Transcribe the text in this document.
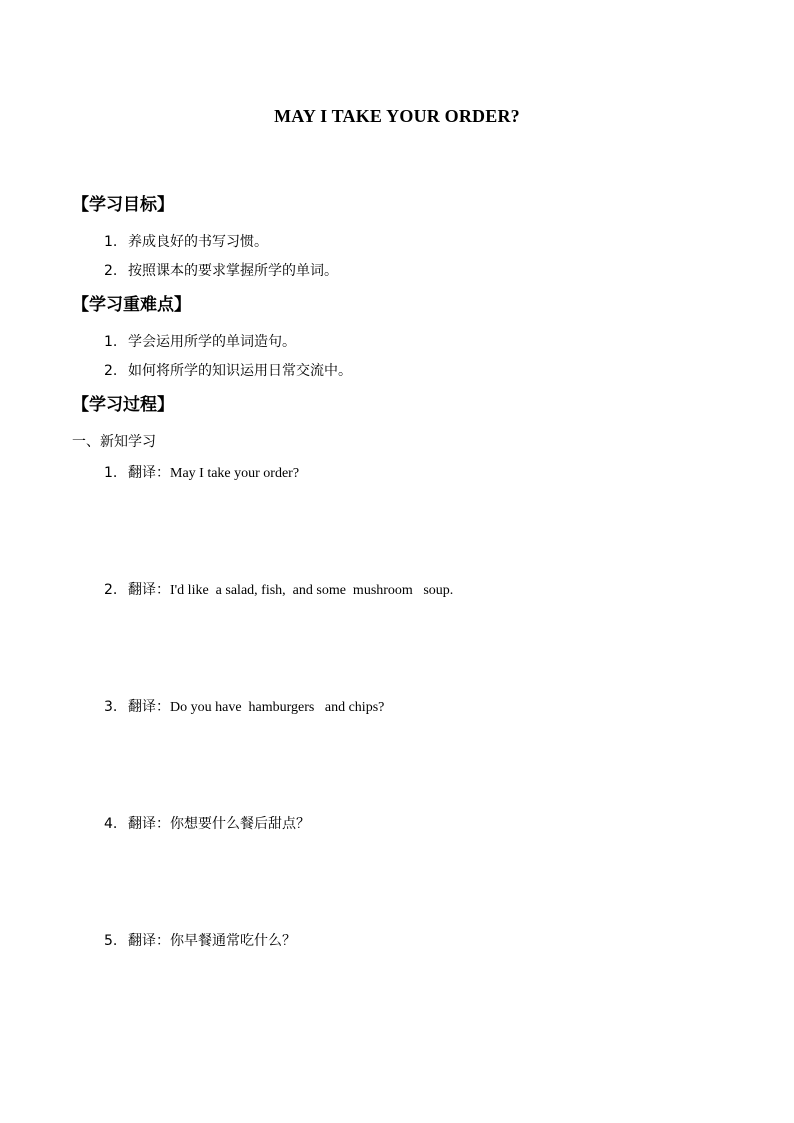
MAY I TAKE YOUR ORDER?
【学习目标】
1. 养成良好的书写习惯。
2. 按照课本的要求掌握所学的单词。
【学习重难点】
1. 学会运用所学的单词造句。
2. 如何将所学的知识运用日常交流中。
【学习过程】
一、新知学习
1. 翻译：May I take your order?
2. 翻译：I'd like  a salad, fish,  and some  mushroom   soup.
3. 翻译：Do you have  hamburgers   and chips?
4. 翻译：你想要什么餐后甜点？
5. 翻译：你早餐通常吃什么？
